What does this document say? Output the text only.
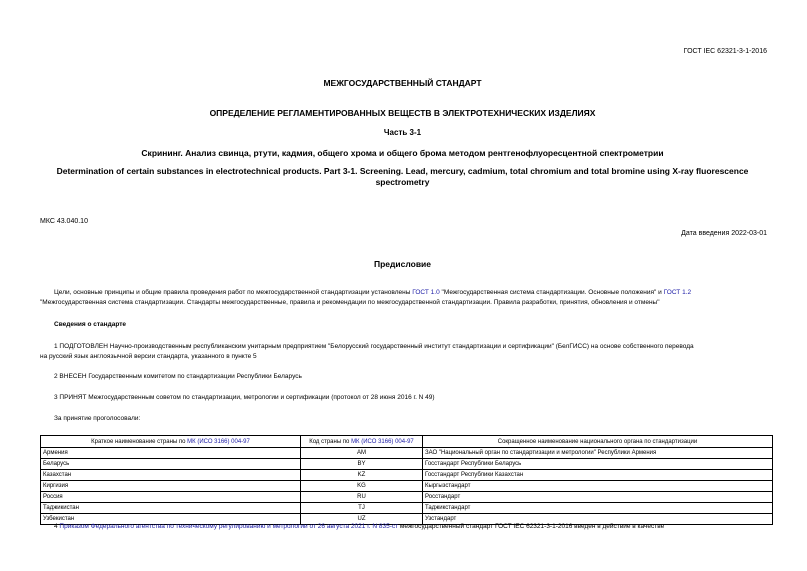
ГОСТ IEC 62321-3-1-2016
МЕЖГОСУДАРСТВЕННЫЙ СТАНДАРТ
ОПРЕДЕЛЕНИЕ РЕГЛАМЕНТИРОВАННЫХ ВЕЩЕСТВ В ЭЛЕКТРОТЕХНИЧЕСКИХ ИЗДЕЛИЯХ
Часть 3-1
Скрининг. Анализ свинца, ртути, кадмия, общего хрома и общего брома методом рентгенофлуоресцентной спектрометрии
Determination of certain substances in electrotechnical products. Part 3-1. Screening. Lead, mercury, cadmium, total chromium and total bromine using X-ray fluorescence spectrometry
МКС 43.040.10
Дата введения 2022-03-01
Предисловие

Цели, основные принципы и общие правила проведения работ по межгосударственной стандартизации установлены ГОСТ 1.0 "Межгосударственная система стандартизации. Основные положения" и ГОСТ 1.2
"Межгосударственная система стандартизации. Стандарты межгосударственные, правила и рекомендации по межгосударственной стандартизации. Правила разработки, принятия, обновления и отмены"

Сведения о стандарте

1 ПОДГОТОВЛЕН Научно-производственным республиканским унитарным предприятием "Белорусский государственный институт стандартизации и сертификации" (БелГИСС) на основе собственного перевода
на русский язык англоязычной версии стандарта, указанного в пункте 5

2 ВНЕСЕН Государственным комитетом по стандартизации Республики Беларусь

3 ПРИНЯТ Межгосударственным советом по стандартизации, метрологии и сертификации (протокол от 28 июня 2016 г. N 49)

За принятие проголосовали:

Краткое наименование страны по МК (ИСО 3166) 004-97	Код страны по МК (ИСО 3166) 004-97	Сокращенное наименование национального органа по стандартизации
Армения	AM	ЗАО "Национальный орган по стандартизации и метрологии" Республики Армения
Беларусь	BY	Госстандарт Республики Беларусь
Казахстан	KZ	Госстандарт Республики Казахстан
Киргизия	KG	Кыргызстандарт
Россия	RU	Росстандарт
Таджикистан	TJ	Таджикстандарт
Узбекистан	UZ	Узстандарт

4 Приказом Федерального агентства по техническому регулированию и метрологии от 26 августа 2021 г. N 835-ст межгосударственный стандарт ГОСТ IEC 62321-3-1-2016 введен в действие в качестве
